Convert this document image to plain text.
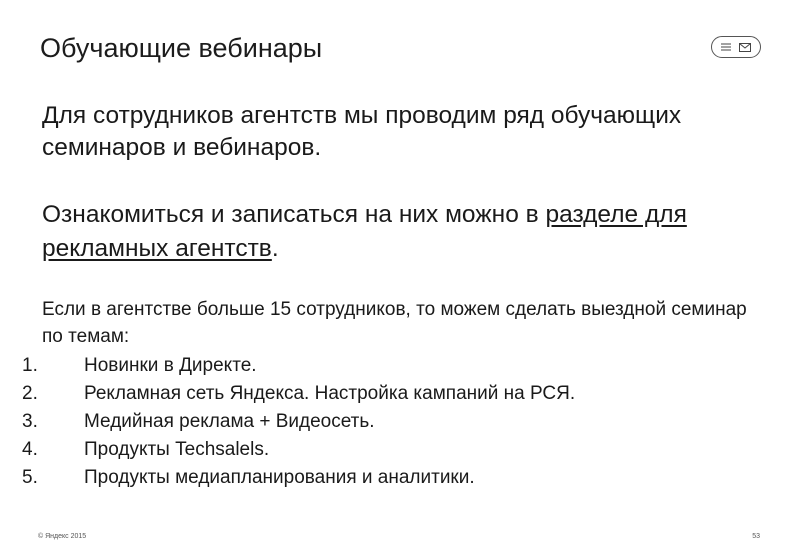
Обучающие вебинары

Для сотрудников агентств мы проводим ряд обучающих семинаров и вебинаров.

Ознакомиться и записаться на них можно в разделе для рекламных агентств.

Если в агентстве больше 15 сотрудников, то можем сделать выездной семинар по темам:

1. Новинки в Директе.
2. Рекламная сеть Яндекса. Настройка кампаний на РСЯ.
3. Медийная реклама + Видеосеть.
4. Продукты Techsalels.
5. Продукты медиапланирования и аналитики.
© Яндекс 2015	53
